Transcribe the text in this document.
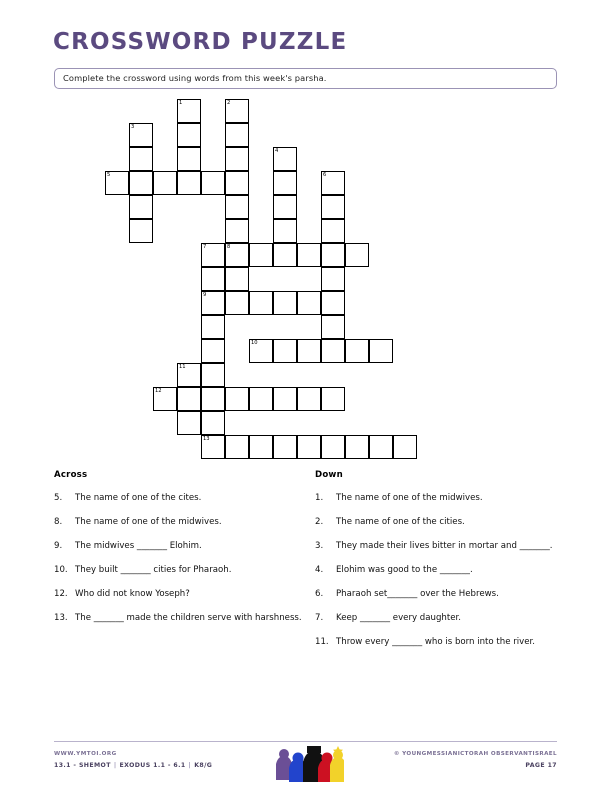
CROSSWORD PUZZLE
Complete the crossword using words from this week's parsha.
1	2
8
3
4
5	6
7
9
13
10
11
12
Across
5.	The name of one of the cites.
8.	The name of one of the midwives.
9.	The midwives _______ Elohim.
10. They built _______ cities for Pharaoh.
12. Who did not know Yoseph?
13. The _______ made the children serve with harshness.
Down
1.	The name of one of the midwives.
2.	The name of one of the cities.
3.	They made their lives bitter in mortar and _______.
4.	Elohim was good to the _______.
6.	Pharaoh set_______ over the Hebrews.
7.	Keep _______ every daughter.
11. Throw every _______ who is born into the river.
WWW.YMTOI.ORG
13.1 - SHEMOT | EXODUS 1.1 - 6.1 | K8/G
© YOUNGMESSIANICTORAH OBSERVANTISRAEL
PAGE 17
